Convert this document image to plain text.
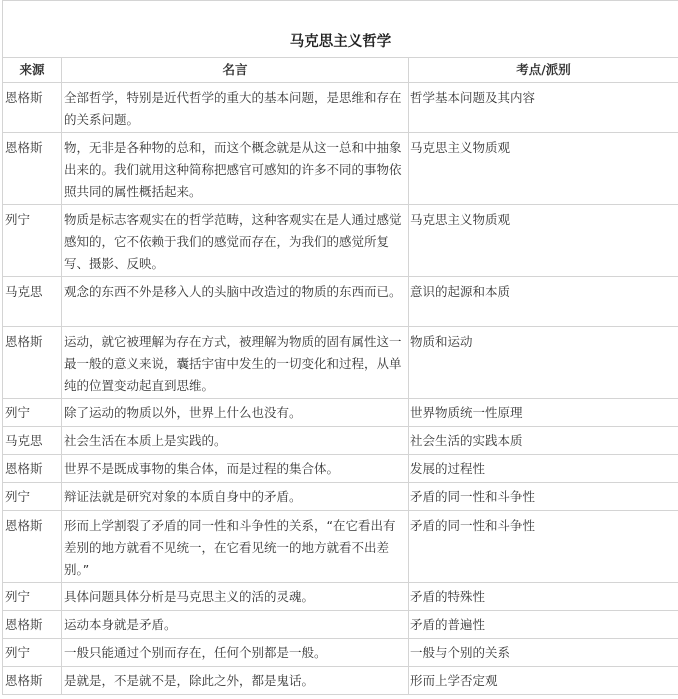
马克思主义哲学		
来源	名言	考点/派别
恩格斯	全部哲学，特别是近代哲学的重大的基本问题，是思维和存在的关系问题。	哲学基本问题及其内容
恩格斯	物，无非是各种物的总和，而这个概念就是从这一总和中抽象出来的。我们就用这种简称把感官可感知的许多不同的事物依照共同的属性概括起来。	马克思主义物质观
列宁	物质是标志客观实在的哲学范畴，这种客观实在是人通过感觉感知的，它不依赖于我们的感觉而存在，为我们的感觉所复写、摄影、反映。	马克思主义物质观
马克思	观念的东西不外是移入人的头脑中改造过的物质的东西而已。	意识的起源和本质
恩格斯	运动，就它被理解为存在方式，被理解为物质的固有属性这一最一般的意义来说，囊括宇宙中发生的一切变化和过程，从单纯的位置变动起直到思维。	物质和运动
列宁	除了运动的物质以外，世界上什么也没有。	世界物质统一性原理
马克思	社会生活在本质上是实践的。	社会生活的实践本质
恩格斯	世界不是既成事物的集合体，而是过程的集合体。	发展的过程性
列宁	辩证法就是研究对象的本质自身中的矛盾。	矛盾的同一性和斗争性
恩格斯	形而上学割裂了矛盾的同一性和斗争性的关系，“在它看出有差别的地方就看不见统一，在它看见统一的地方就看不出差别。”	矛盾的同一性和斗争性
列宁	具体问题具体分析是马克思主义的活的灵魂。	矛盾的特殊性
恩格斯	运动本身就是矛盾。	矛盾的普遍性
列宁	一般只能通过个别而存在，任何个别都是一般。	一般与个别的关系
恩格斯	是就是，不是就不是，除此之外，都是鬼话。	形而上学否定观
